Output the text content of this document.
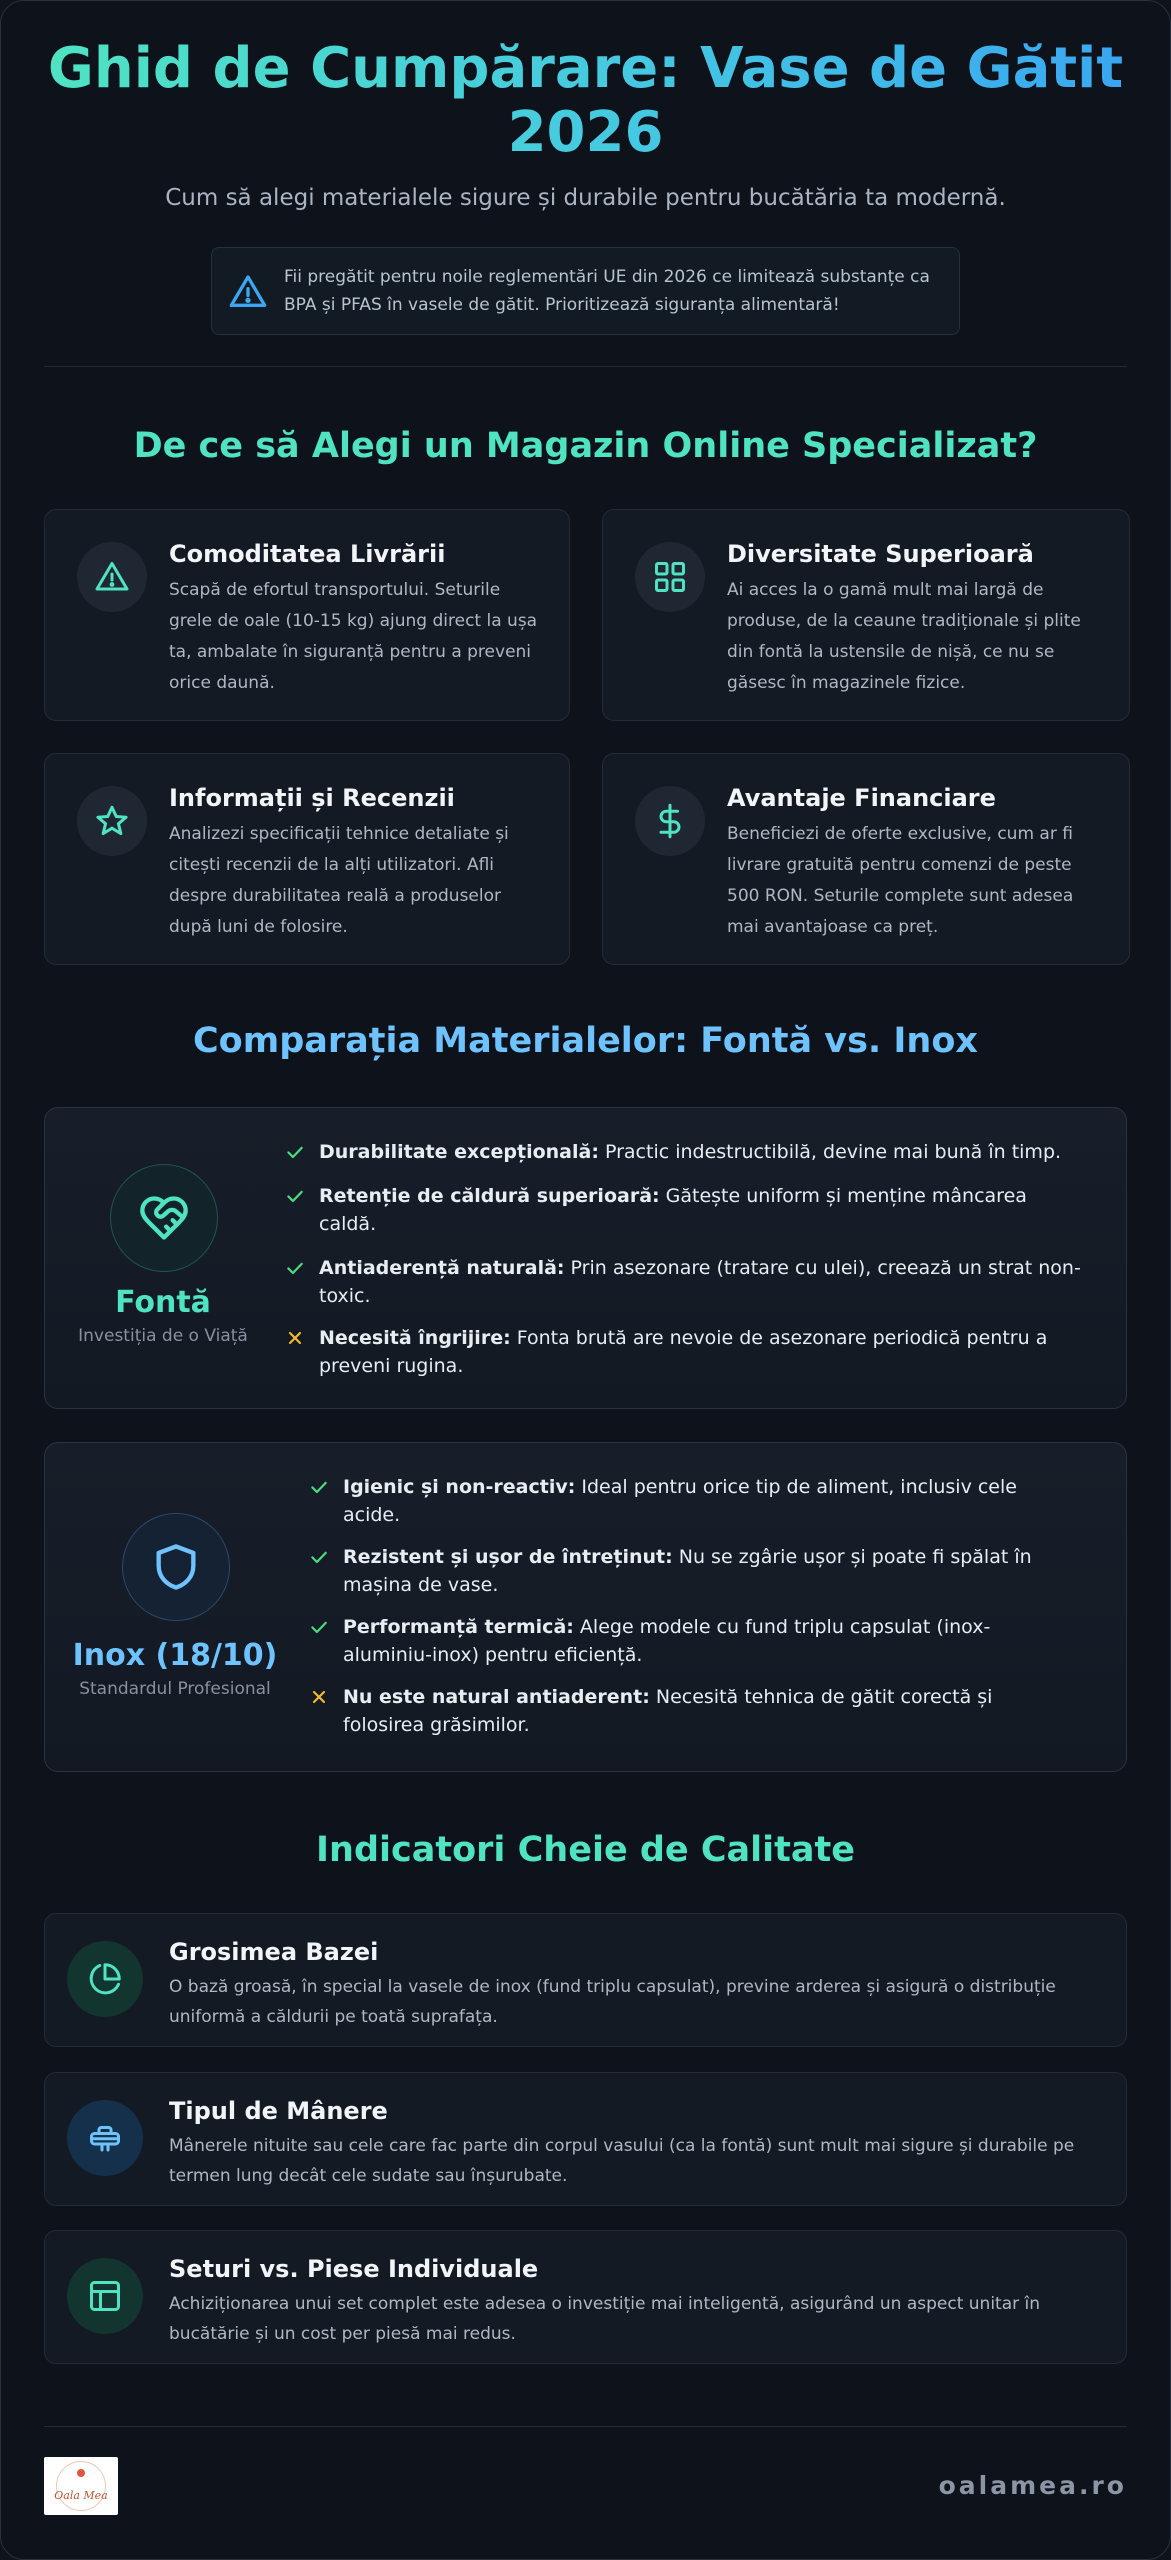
Ghid de Cumpărare: Vase de Gătit 2026
Cum să alegi materialele sigure și durabile pentru bucătăria ta modernă.
Fii pregătit pentru noile reglementări UE din 2026 ce limitează substanțe ca BPA și PFAS în vasele de gătit. Prioritizează siguranța alimentară!
De ce să Alegi un Magazin Online Specializat?
Comoditatea Livrării

Scapă de efortul transportului. Seturile grele de oale (10-15 kg) ajung direct la ușa ta, ambalate în siguranță pentru a preveni orice daună.

Diversitate Superioară

Ai acces la o gamă mult mai largă de produse, de la ceaune tradiționale și plite din fontă la ustensile de nișă, ce nu se găsesc în magazinele fizice.

Informații și Recenzii

Analizezi specificații tehnice detaliate și citești recenzii de la alți utilizatori. Afli despre durabilitatea reală a produselor după luni de folosire.

Avantaje Financiare

Beneficiezi de oferte exclusive, cum ar fi livrare gratuită pentru comenzi de peste 500 RON. Seturile complete sunt adesea mai avantajoase ca preț.

Comparația Materialelor: Fontă vs. Inox
Fontă
Investiția de o Viață
Durabilitate excepțională: Practic indestructibilă, devine mai bună în timp.
Retenție de căldură superioară: Gătește uniform și menține mâncarea caldă.
Antiaderență naturală: Prin asezonare (tratare cu ulei), creează un strat non-toxic.
Necesită îngrijire: Fonta brută are nevoie de asezonare periodică pentru a preveni rugina.
Inox (18/10)
Standardul Profesional
Igienic și non-reactiv: Ideal pentru orice tip de aliment, inclusiv cele acide.
Rezistent și ușor de întreținut: Nu se zgârie ușor și poate fi spălat în mașina de vase.
Performanță termică: Alege modele cu fund triplu capsulat (inox-aluminiu-inox) pentru eficiență.
Nu este natural antiaderent: Necesită tehnica de gătit corectă și folosirea grăsimilor.
Indicatori Cheie de Calitate
Grosimea Bazei

O bază groasă, în special la vasele de inox (fund triplu capsulat), previne arderea și asigură o distribuție uniformă a căldurii pe toată suprafața.

Tipul de Mânere

Mânerele nituite sau cele care fac parte din corpul vasului (ca la fontă) sunt mult mai sigure și durabile pe termen lung decât cele sudate sau înșurubate.

Seturi vs. Piese Individuale

Achiziționarea unui set complet este adesea o investiție mai inteligentă, asigurând un aspect unitar în bucătărie și un cost per piesă mai redus.

Oala Mea	oalamea.ro
